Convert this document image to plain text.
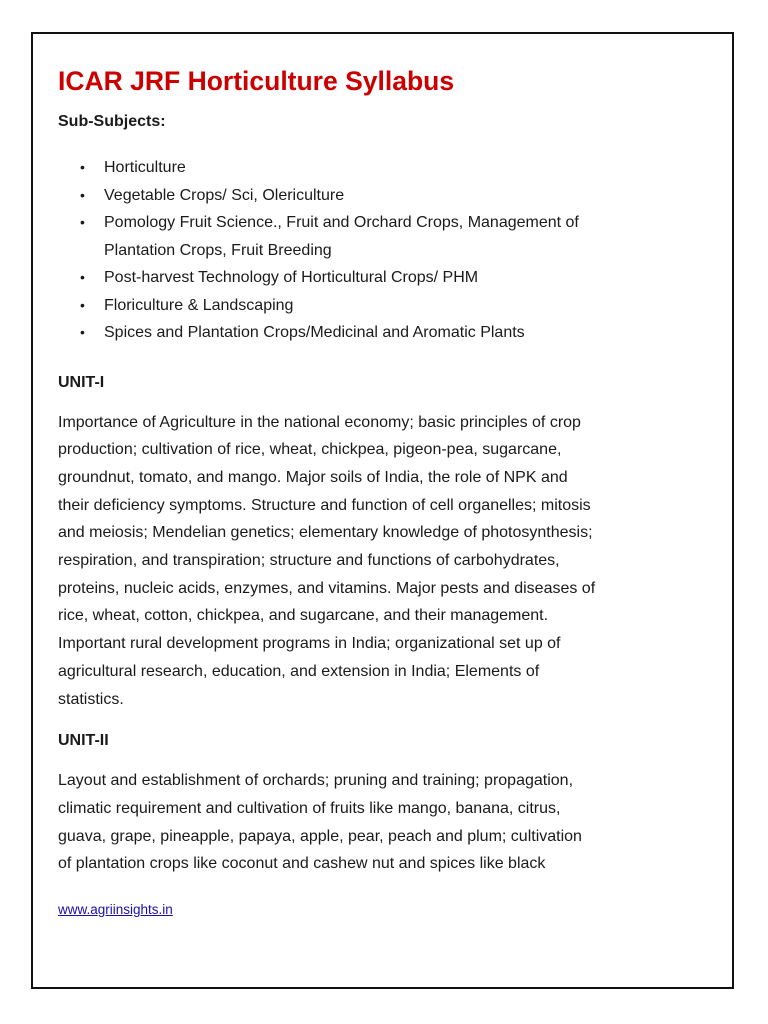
ICAR JRF Horticulture Syllabus
Sub-Subjects:
• Horticulture
• Vegetable Crops/ Sci, Olericulture
• Pomology Fruit Science., Fruit and Orchard Crops, Management of
Plantation Crops, Fruit Breeding
• Post-harvest Technology of Horticultural Crops/ PHM
• Floriculture & Landscaping
• Spices and Plantation Crops/Medicinal and Aromatic Plants
UNIT-I

Importance of Agriculture in the national economy; basic principles of crop
production; cultivation of rice, wheat, chickpea, pigeon-pea, sugarcane,
groundnut, tomato, and mango. Major soils of India, the role of NPK and
their deficiency symptoms. Structure and function of cell organelles; mitosis
and meiosis; Mendelian genetics; elementary knowledge of photosynthesis;
respiration, and transpiration; structure and functions of carbohydrates,
proteins, nucleic acids, enzymes, and vitamins. Major pests and diseases of
rice, wheat, cotton, chickpea, and sugarcane, and their management.
Important rural development programs in India; organizational set up of
agricultural research, education, and extension in India; Elements of
statistics.

UNIT-II

Layout and establishment of orchards; pruning and training; propagation,
climatic requirement and cultivation of fruits like mango, banana, citrus,
guava, grape, pineapple, papaya, apple, pear, peach and plum; cultivation
of plantation crops like coconut and cashew nut and spices like black

www.agriinsights.in
